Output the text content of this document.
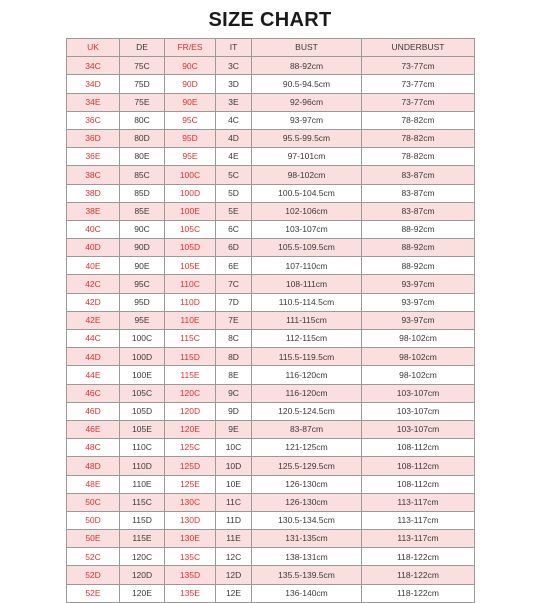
SIZE CHART
UK	DE	FR/ES	IT	BUST	UNDERBUST
34C	75C	90C	3C	88-92cm	73-77cm
34D	75D	90D	3D	90.5-94.5cm	73-77cm
34E	75E	90E	3E	92-96cm	73-77cm
36C	80C	95C	4C	93-97cm	78-82cm
36D	80D	95D	4D	95.5-99.5cm	78-82cm
36E	80E	95E	4E	97-101cm	78-82cm
38C	85C	100C	5C	98-102cm	83-87cm
38D	85D	100D	5D	100.5-104.5cm	83-87cm
38E	85E	100E	5E	102-106cm	83-87cm
40C	90C	105C	6C	103-107cm	88-92cm
40D	90D	105D	6D	105.5-109.5cm	88-92cm
40E	90E	105E	6E	107-110cm	88-92cm
42C	95C	110C	7C	108-111cm	93-97cm
42D	95D	110D	7D	110.5-114.5cm	93-97cm
42E	95E	110E	7E	111-115cm	93-97cm
44C	100C	115C	8C	112-115cm	98-102cm
44D	100D	115D	8D	115.5-119.5cm	98-102cm
44E	100E	115E	8E	116-120cm	98-102cm
46C	105C	120C	9C	116-120cm	103-107cm
46D	105D	120D	9D	120.5-124.5cm	103-107cm
46E	105E	120E	9E	83-87cm	103-107cm
48C	110C	125C	10C	121-125cm	108-112cm
48D	110D	125D	10D	125.5-129.5cm	108-112cm
48E	110E	125E	10E	126-130cm	108-112cm
50C	115C	130C	11C	126-130cm	113-117cm
50D	115D	130D	11D	130.5-134.5cm	113-117cm
50E	115E	130E	11E	131-135cm	113-117cm
52C	120C	135C	12C	138-131cm	118-122cm
52D	120D	135D	12D	135.5-139.5cm	118-122cm
52E	120E	135E	12E	136-140cm	118-122cm
